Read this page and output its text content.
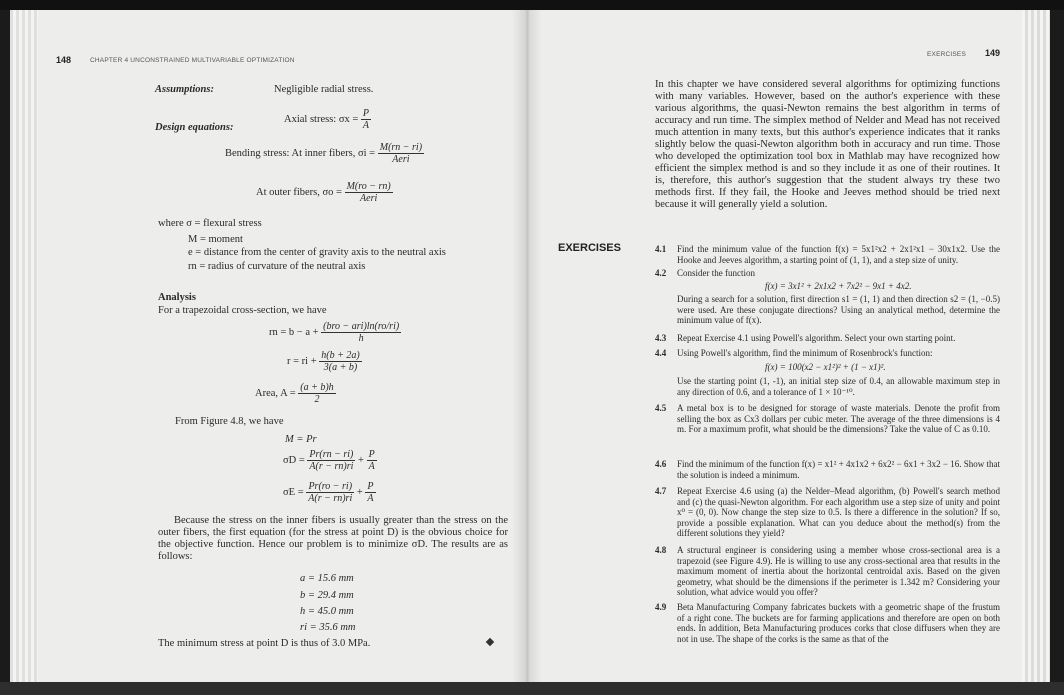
148	CHAPTER 4 UNCONSTRAINED MULTIVARIABLE OPTIMIZATION
Assumptions:	Negligible radial stress.
Design equations:
Axial stress: $\sigma x = \frac{P}{A}$
Bending stress: At inner fibers, $\sigma i = \frac{M(rn - ri)}{\text{Aeri}}$
At outer fibers, $\sigma o = \frac{M(ro - rn)}{\text{Aeri}}$
where σ = flexural stress
M = moment
e = distance from the center of gravity axis to the neutral axis
rn = radius of curvature of the neutral axis
Analysis
For a trapezoidal cross-section, we have
rn = $b - a + \frac{\text{(bro − ari)ln(ro/ri)}}{h}$
r = ri + $\frac{h(b + 2a)}{3(a + b)}$
Area, $A = \frac{(a + b)h}{2}$
From Figure 4.8, we have
M = Pr
$\sigma D = \frac{Pr(rn - ri)}{A(r - rn)ri} + \frac{P}{A}$
$\sigma E = \frac{Pr(ro - ri)}{A(r - rn)ri} + \frac{P}{A}$
Because the stress on the inner fibers is usually greater than the stress on the outer fibers, the first equation (for the stress at point D) is the obvious choice for the objective function. Hence our problem is to minimize σD. The results are as follows:
a = 15.6 mm
b = 29.4 mm
h = 45.0 mm
ri = 35.6 mm
The minimum stress at point D is thus of 3.0 MPa.
EXERCISES 149
In this chapter we have considered several algorithms for optimizing functions with many variables. However, based on the author's experience with these various algorithms, the quasi-Newton remains the best algorithm in terms of accuracy and run time. The simplex method of Nelder and Mead has not received much attention in many texts, but this author's experience indicates that it ranks slightly below the quasi-Newton algorithm both in accuracy and run time. Those who developed the optimization tool box in Mathlab may have recognized how efficient the simplex method is and so they include it as one of their routines. It is, therefore, this author's suggestion that the student always try these two methods first. If they fail, the Hooke and Jeeves method should be tried next because it will generally yield a solution.
EXERCISES	4.1 Find the minimum value of the function f(x) = 5x1²x2 + 2x1²x1 − 30x1x2. Use the Hooke and Jeeves algorithm, a starting point of (1, 1), and a step size of unity.
4.2 Consider the function
f(x) = 3x1² + 2x1x2 + 7x2² − 9x1 + 4x2.
During a search for a solution, first direction s1 = (1, 1) and then direction s2 = (1, −0.5) were used. Are these conjugate directions? Using an analytical method, determine the minimum value of f(x).
4.3 Repeat Exercise 4.1 using Powell's algorithm. Select your own starting point.
4.4 Using Powell's algorithm, find the minimum of Rosenbrock's function:
f(x) = 100(x2 − x1²)² + (1 − x1)².
Use the starting point (1, -1), an initial step size of 0.4, an allowable maximum step in any direction of 0.6, and a tolerance of 1 × 10⁻¹⁰.
4.5 A metal box is to be designed for storage of waste materials. Denote the profit from selling the box as Cx3 dollars per cubic meter. The average of the three dimensions is 4 m. For a maximum profit, what should be the dimensions? Take the value of C as 0.10.
4.6 Find the minimum of the function f(x) = x1² + 4x1x2 + 6x2² − 6x1 + 3x2 − 16. Show that the solution is indeed a minimum.
4.7 Repeat Exercise 4.6 using (a) the Nelder–Mead algorithm, (b) Powell's search method and (c) the quasi-Newton algorithm. For each algorithm use a step size of unity and point x⁰ = (0, 0). Now change the step size to 0.5. Is there a difference in the solution? If so, provide a possible explanation. What can you deduce about the method(s) from the different solutions they yield?
4.8 A structural engineer is considering using a member whose cross-sectional area is a trapezoid (see Figure 4.9). He is willing to use any cross-sectional area that results in the maximum moment of inertia about the horizontal centroidal axis. Based on the given geometry, what should be the dimensions if the perimeter is 1.342 m? Considering your solution, what advice would you offer?
4.9 Beta Manufacturing Company fabricates buckets with a geometric shape of the frustum of a right cone. The buckets are for farming applications and therefore are open on both ends. In addition, Beta Manufacturing produces corks that close diffusers when they are not in use. The shape of the corks is the same as that of the
